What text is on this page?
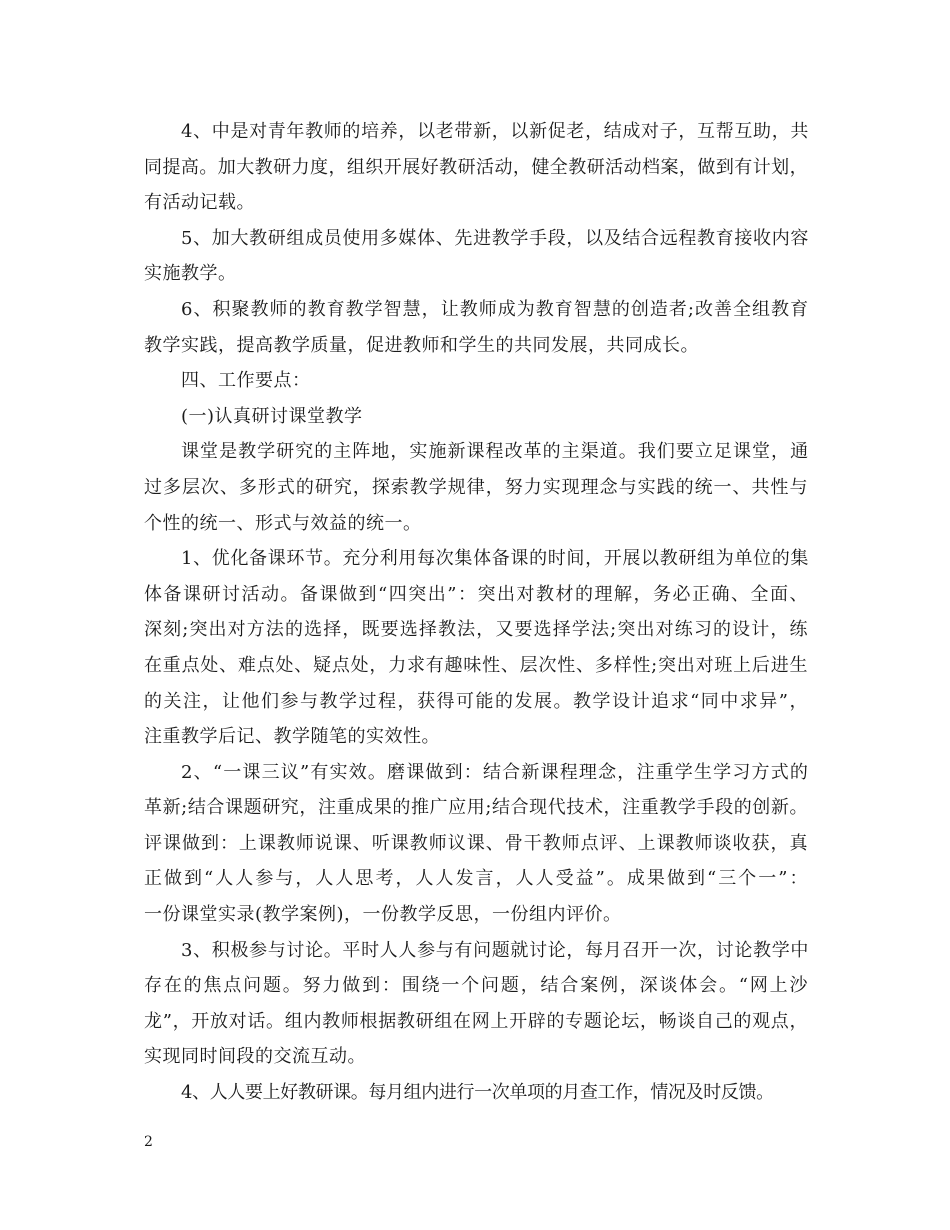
4、中是对青年教师的培养，以老带新，以新促老，结成对子，互帮互助，共
同提高。加大教研力度，组织开展好教研活动，健全教研活动档案，做到有计划，
有活动记载。

5、加大教研组成员使用多媒体、先进教学手段，以及结合远程教育接收内容
实施教学。

6、积聚教师的教育教学智慧，让教师成为教育智慧的创造者;改善全组教育
教学实践，提高教学质量，促进教师和学生的共同发展，共同成长。

四、工作要点：

(一)认真研讨课堂教学

课堂是教学研究的主阵地，实施新课程改革的主渠道。我们要立足课堂，通
过多层次、多形式的研究，探索教学规律，努力实现理念与实践的统一、共性与
个性的统一、形式与效益的统一。

1、优化备课环节。充分利用每次集体备课的时间，开展以教研组为单位的集
体备课研讨活动。备课做到“四突出”：突出对教材的理解，务必正确、全面、
深刻;突出对方法的选择，既要选择教法，又要选择学法;突出对练习的设计，练
在重点处、难点处、疑点处，力求有趣味性、层次性、多样性;突出对班上后进生
的关注，让他们参与教学过程，获得可能的发展。教学设计追求“同中求异”，
注重教学后记、教学随笔的实效性。

2、“一课三议”有实效。磨课做到：结合新课程理念，注重学生学习方式的
革新;结合课题研究，注重成果的推广应用;结合现代技术，注重教学手段的创新。
评课做到：上课教师说课、听课教师议课、骨干教师点评、上课教师谈收获，真
正做到“人人参与，人人思考，人人发言，人人受益”。成果做到“三个一”：
一份课堂实录(教学案例)，一份教学反思，一份组内评价。

3、积极参与讨论。平时人人参与有问题就讨论，每月召开一次，讨论教学中
存在的焦点问题。努力做到：围绕一个问题，结合案例，深谈体会。“网上沙
龙”，开放对话。组内教师根据教研组在网上开辟的专题论坛，畅谈自己的观点，
实现同时间段的交流互动。

4、人人要上好教研课。每月组内进行一次单项的月查工作，情况及时反馈。

2
